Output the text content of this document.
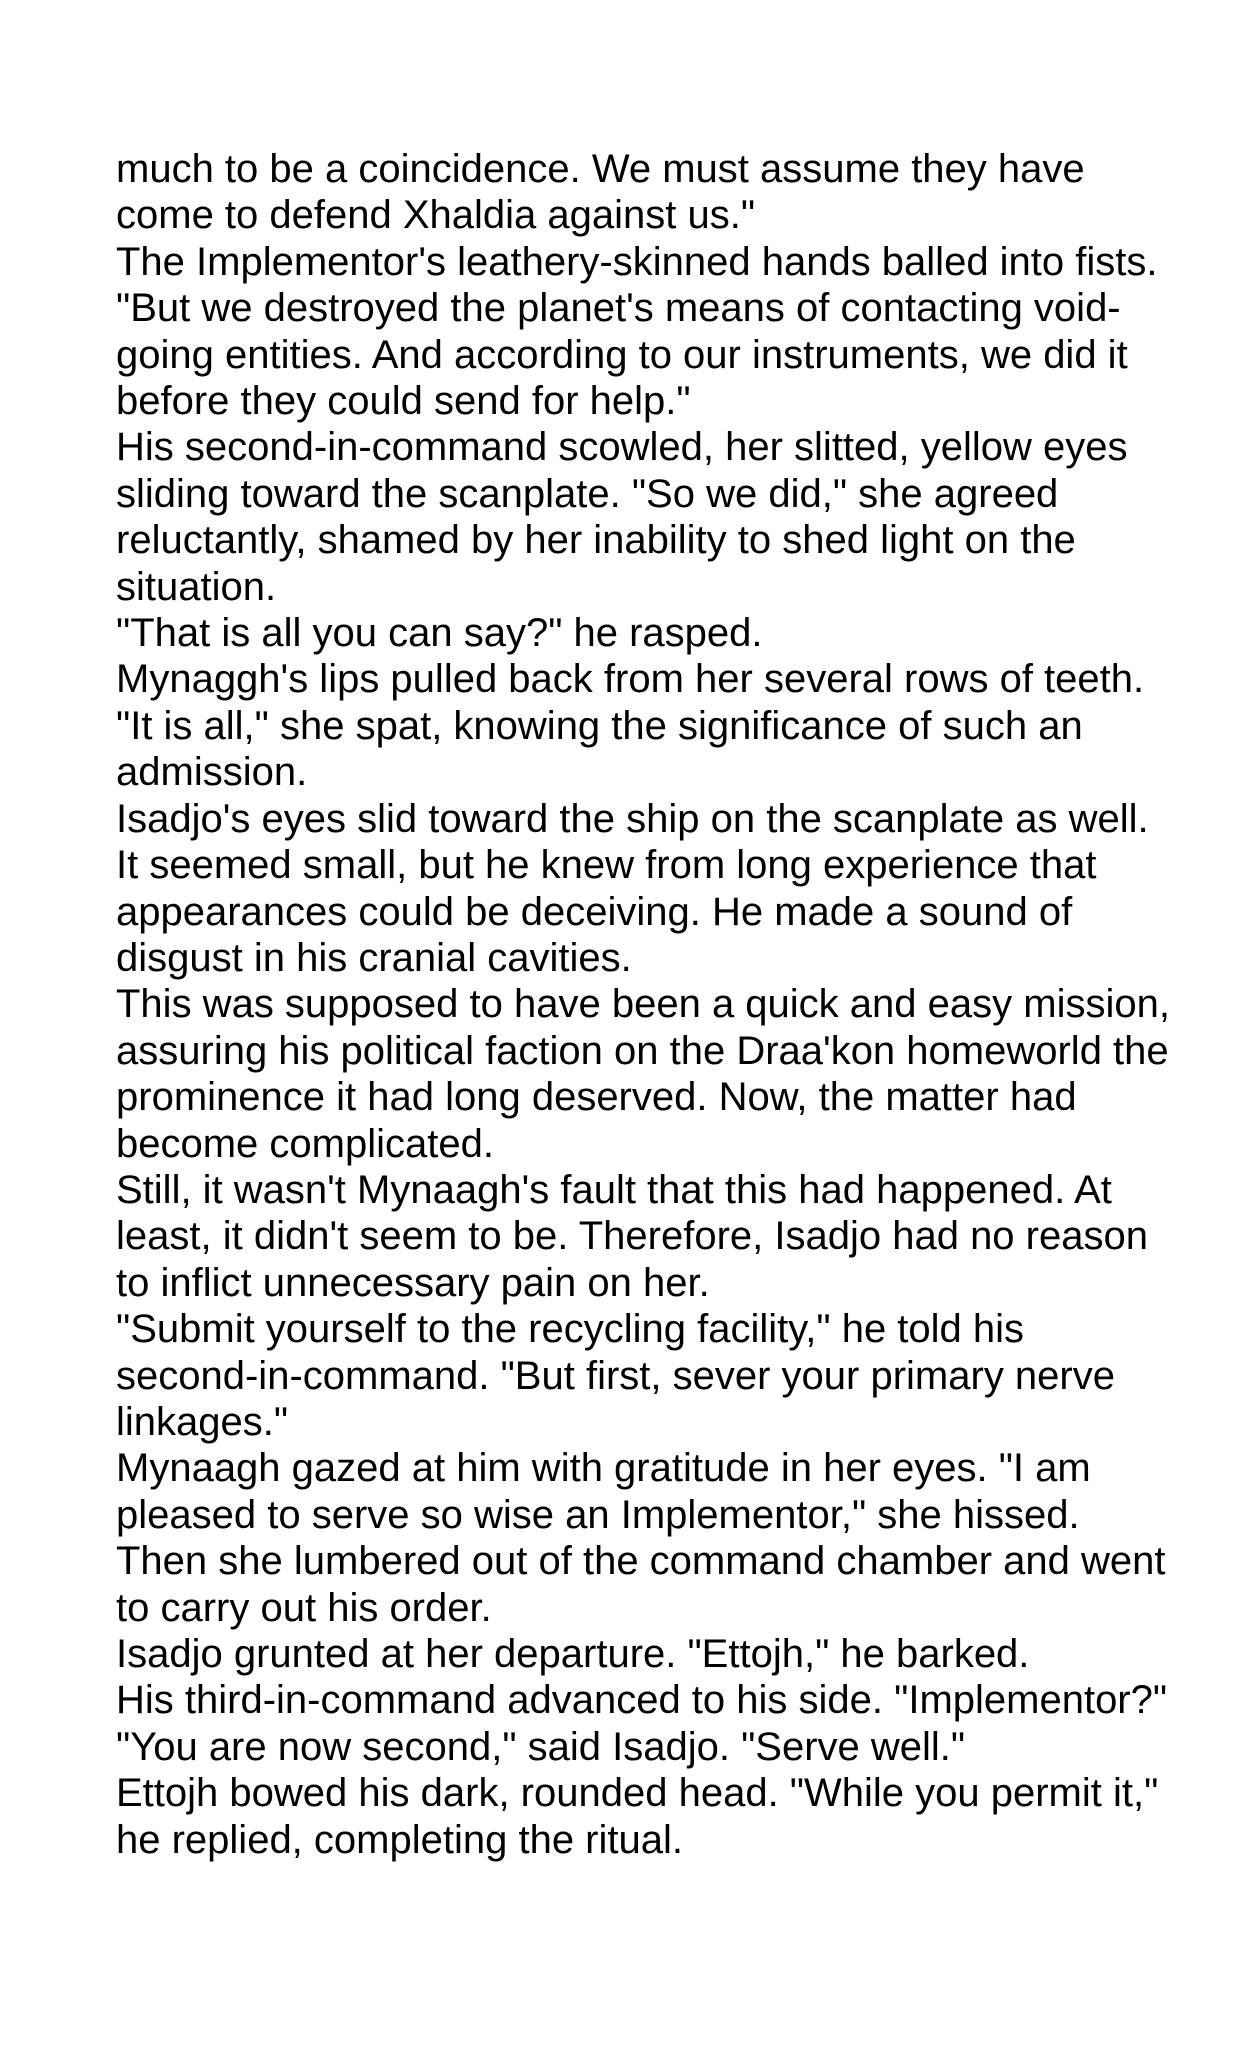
much to be a coincidence. We must assume they have come to defend Xhaldia against us."

The Implementor's leathery-skinned hands balled into fists. "But we destroyed the planet's means of contacting void-going entities. And according to our instruments, we did it before they could send for help."

His second-in-command scowled, her slitted, yellow eyes sliding toward the scanplate. "So we did," she agreed reluctantly, shamed by her inability to shed light on the situation.

"That is all you can say?" he rasped.

Mynaggh's lips pulled back from her several rows of teeth. "It is all," she spat, knowing the significance of such an admission.

Isadjo's eyes slid toward the ship on the scanplate as well. It seemed small, but he knew from long experience that appearances could be deceiving. He made a sound of disgust in his cranial cavities.

This was supposed to have been a quick and easy mission, assuring his political faction on the Draa'kon homeworld the prominence it had long deserved. Now, the matter had become complicated.

Still, it wasn't Mynaagh's fault that this had happened. At least, it didn't seem to be. Therefore, Isadjo had no reason to inflict unnecessary pain on her.

"Submit yourself to the recycling facility," he told his second-in-command. "But first, sever your primary nerve linkages."

Mynaagh gazed at him with gratitude in her eyes. "I am pleased to serve so wise an Implementor," she hissed. Then she lumbered out of the command chamber and went to carry out his order.

Isadjo grunted at her departure. "Ettojh," he barked.

His third-in-command advanced to his side. "Implementor?"

"You are now second," said Isadjo. "Serve well."

Ettojh bowed his dark, rounded head. "While you permit it," he replied, completing the ritual.
